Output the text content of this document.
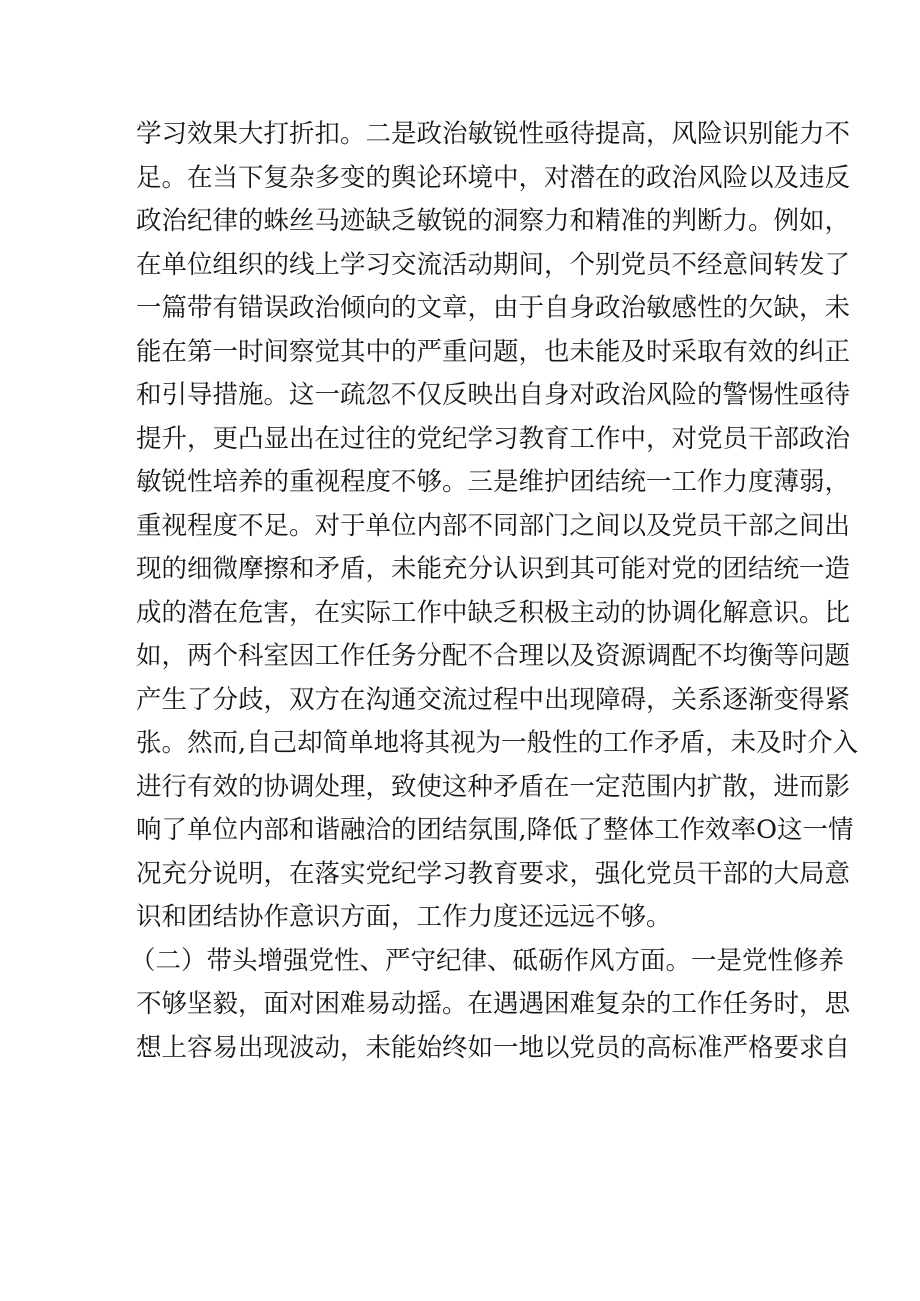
学习效果大打折扣。二是政治敏锐性亟待提高，风险识别能力不
足。在当下复杂多变的舆论环境中，对潜在的政治风险以及违反
政治纪律的蛛丝马迹缺乏敏锐的洞察力和精准的判断力。例如，
在单位组织的线上学习交流活动期间，个别党员不经意间转发了
一篇带有错误政治倾向的文章，由于自身政治敏感性的欠缺，未
能在第一时间察觉其中的严重问题，也未能及时采取有效的纠正
和引导措施。这一疏忽不仅反映出自身对政治风险的警惕性亟待
提升，更凸显出在过往的党纪学习教育工作中，对党员干部政治
敏锐性培养的重视程度不够。三是维护团结统一工作力度薄弱，
重视程度不足。对于单位内部不同部门之间以及党员干部之间出
现的细微摩擦和矛盾，未能充分认识到其可能对党的团结统一造
成的潜在危害，在实际工作中缺乏积极主动的协调化解意识。比
如，两个科室因工作任务分配不合理以及资源调配不均衡等问题
产生了分歧，双方在沟通交流过程中出现障碍，关系逐渐变得紧
张。然而,自己却简单地将其视为一般性的工作矛盾，未及时介入
进行有效的协调处理，致使这种矛盾在一定范围内扩散，进而影
响了单位内部和谐融洽的团结氛围,降低了整体工作效率O这一情
况充分说明，在落实党纪学习教育要求，强化党员干部的大局意
识和团结协作意识方面，工作力度还远远不够。
（二）带头增强党性、严守纪律、砥砺作风方面。一是党性修养
不够坚毅，面对困难易动摇。在遇遇困难复杂的工作任务时，思
想上容易出现波动，未能始终如一地以党员的高标准严格要求自
